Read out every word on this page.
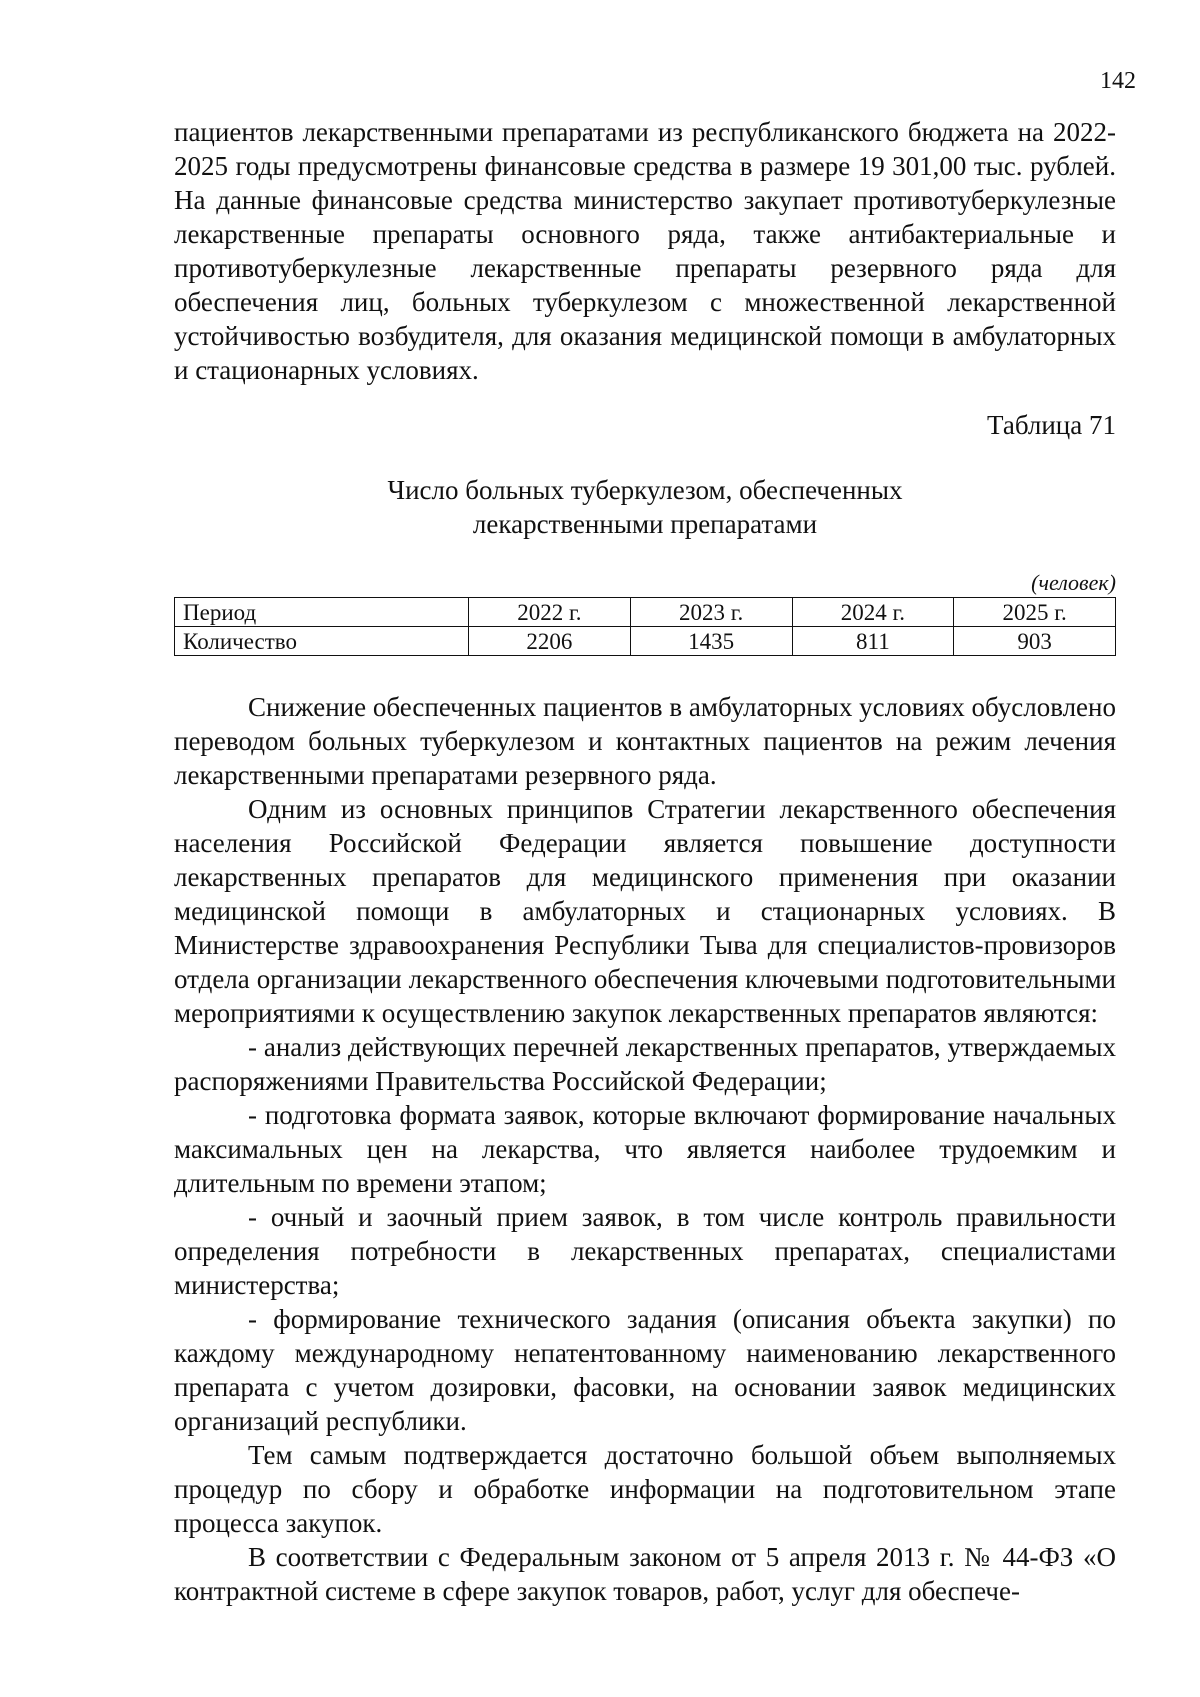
142

пациентов лекарственными препаратами из республиканского бюджета на 2022-2025 годы предусмотрены финансовые средства в размере 19 301,00 тыс. рублей. На данные финансовые средства министерство закупает противотуберкулезные лекарственные препараты основного ряда, также антибактериальные и противотуберкулезные лекарственные препараты резервного ряда для обеспечения лиц, больных туберкулезом с множественной лекарственной устойчивостью возбудителя, для оказания медицинской помощи в амбулаторных и стационарных условиях.

Таблица 71
Число больных туберкулезом, обеспеченных
лекарственными препаратами
(человек)
Период	2022 г.	2023 г.	2024 г.	2025 г.
Количество	2206	1435	811	903

Снижение обеспеченных пациентов в амбулаторных условиях обусловлено переводом больных туберкулезом и контактных пациентов на режим лечения лекарственными препаратами резервного ряда.

Одним из основных принципов Стратегии лекарственного обеспечения населения Российской Федерации является повышение доступности лекарственных препаратов для медицинского применения при оказании медицинской помощи в амбулаторных и стационарных условиях. В Министерстве здравоохранения Республики Тыва для специалистов-провизоров отдела организации лекарственного обеспечения ключевыми подготовительными мероприятиями к осуществлению закупок лекарственных препаратов являются:

- анализ действующих перечней лекарственных препаратов, утверждаемых распоряжениями Правительства Российской Федерации;

- подготовка формата заявок, которые включают формирование начальных максимальных цен на лекарства, что является наиболее трудоемким и длительным по времени этапом;

- очный и заочный прием заявок, в том числе контроль правильности определения потребности в лекарственных препаратах, специалистами министерства;

- формирование технического задания (описания объекта закупки) по каждому международному непатентованному наименованию лекарственного препарата с учетом дозировки, фасовки, на основании заявок медицинских организаций республики.

Тем самым подтверждается достаточно большой объем выполняемых процедур по сбору и обработке информации на подготовительном этапе процесса закупок.

В соответствии с Федеральным законом от 5 апреля 2013 г. № 44-ФЗ «О контрактной системе в сфере закупок товаров, работ, услуг для обеспече-
